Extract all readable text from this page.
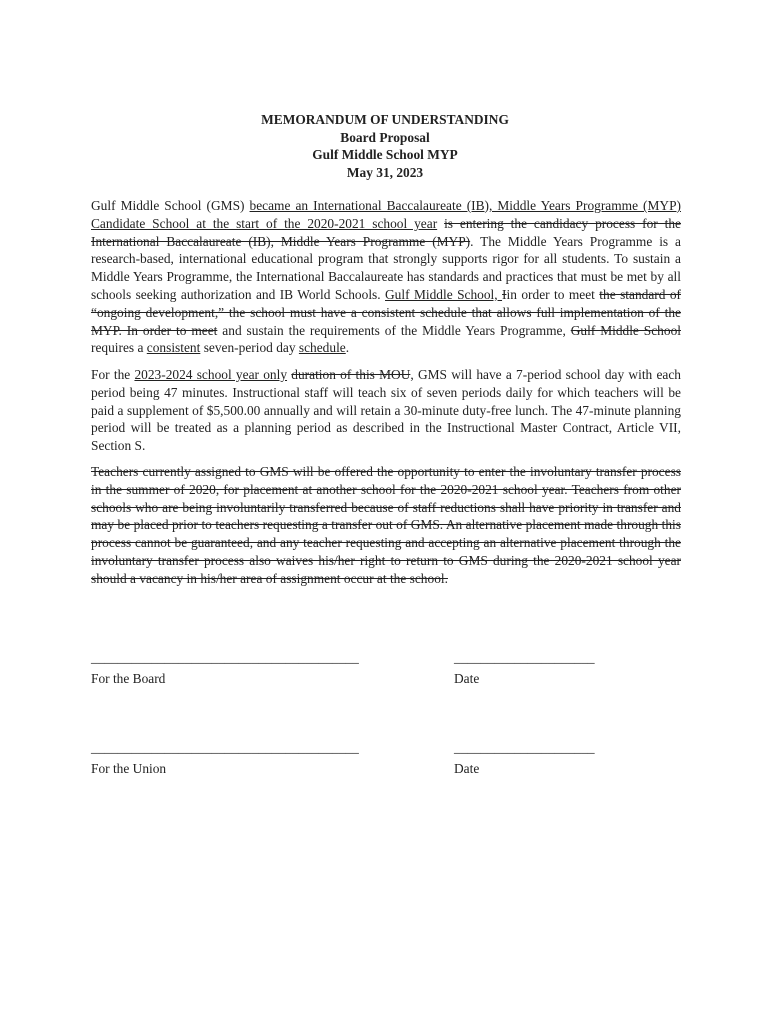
MEMORANDUM OF UNDERSTANDING
Board Proposal
Gulf Middle School MYP
May 31, 2023
Gulf Middle School (GMS) became an International Baccalaureate (IB), Middle Years Programme (MYP) Candidate School at the start of the 2020-2021 school year is entering the candidacy process for the International Baccalaureate (IB), Middle Years Programme (MYP). The Middle Years Programme is a research-based, international educational program that strongly supports rigor for all students. To sustain a Middle Years Programme, the International Baccalaureate has standards and practices that must be met by all schools seeking authorization and IB World Schools. Gulf Middle School, Iin order to meet the standard of “ongoing development,” the school must have a consistent schedule that allows full implementation of the MYP. In order to meet and sustain the requirements of the Middle Years Programme, Gulf Middle School requires a consistent seven-period day schedule.
For the 2023-2024 school year only duration of this MOU, GMS will have a 7-period school day with each period being 47 minutes. Instructional staff will teach six of seven periods daily for which teachers will be paid a supplement of $5,500.00 annually and will retain a 30-minute duty-free lunch. The 47-minute planning period will be treated as a planning period as described in the Instructional Master Contract, Article VII, Section S.
Teachers currently assigned to GMS will be offered the opportunity to enter the involuntary transfer process in the summer of 2020, for placement at another school for the 2020-2021 school year. Teachers from other schools who are being involuntarily transferred because of staff reductions shall have priority in transfer and may be placed prior to teachers requesting a transfer out of GMS. An alternative placement made through this process cannot be guaranteed, and any teacher requesting and accepting an alternative placement through the involuntary transfer process also waives his/her right to return to GMS during the 2020-2021 school year should a vacancy in his/her area of assignment occur at the school.
________________________________________	_____________________
For the Board	Date
________________________________________	_____________________
For the Union	Date
